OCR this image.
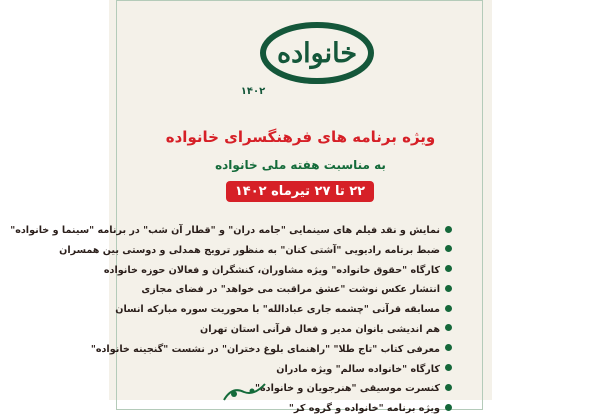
خانواده
۱۴۰۲
ویژه برنامه های فرهنگسرای خانواده
به مناسبت هفته ملی خانواده
۲۲ تا ۲۷ تیرماه ۱۴۰۲
نمایش و نقد فیلم های سینمایی "جامه دران" و "قطار آن شب" در برنامه "سینما و خانواده"
ضبط برنامه رادیویی "آشتی کنان" به منظور ترویج همدلی و دوستی بین همسران
کارگاه "حقوق خانواده" ویژه مشاوران، کنشگران و فعالان حوزه خانواده
انتشار عکس نوشت "عشق مراقبت می خواهد" در فضای مجازی
مسابقه قرآنی "چشمه جاری عبادالله" با محوریت سوره مبارکه انسان
هم اندیشی بانوان مدیر و فعال قرآنی استان تهران
معرفی کتاب "تاج طلا" "راهنمای بلوغ دختران" در نشست "گنجینه خانواده"
کارگاه "خانواده سالم" ویژه مادران
کنسرت موسیقی "هنرجویان و خانواده"
ویژه برنامه "خانواده و گروه کر"
